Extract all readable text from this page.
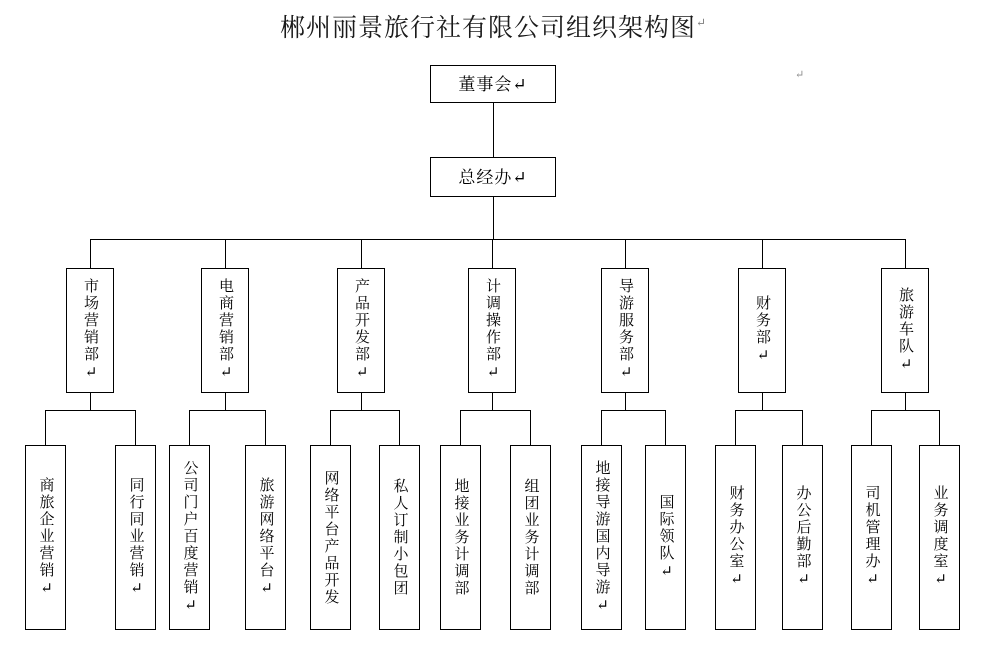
郴州丽景旅行社有限公司组织架构图↵
↵
董事会↵
总经办↵
市场营销部↵	电商营销部↵	产品开发部↵	计调操作部↵	导游服务部↵	财务部↵	旅游车队↵
商旅企业营销↵	同行同业营销↵	公司门户百度营销↵	旅游网络平台↵	网络平台产品开发	私人订制小包团	地接业务计调部	组团业务计调部	地接导游国内导游↵	国际领队↵	财务办公室↵	办公后勤部↵	司机管理办↵	业务调度室↵
